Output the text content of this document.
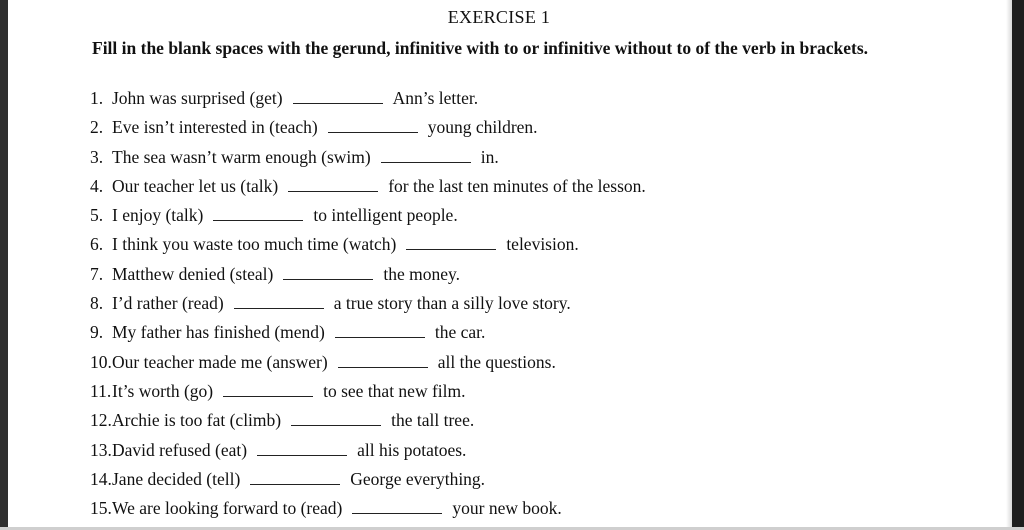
EXERCISE 1
Fill in the blank spaces with the gerund, infinitive with to or infinitive without to of the verb in brackets.
1. John was surprised (get)	Ann’s letter.
2. Eve isn’t interested in (teach)	young children.
3. The sea wasn’t warm enough (swim)	in.
4. Our teacher let us (talk)	for the last ten minutes of the lesson.
5. I enjoy (talk)	to intelligent people.
6. I think you waste too much time (watch)	television.
7. Matthew denied (steal)	the money.
8. I’d rather (read)	a true story than a silly love story.
9. My father has finished (mend)	the car.
10. Our teacher made me (answer)	all the questions.
11. It’s worth (go)	to see that new film.
12. Archie is too fat (climb)	the tall tree.
13. David refused (eat)	all his potatoes.
14. Jane decided (tell)	George everything.
15. We are looking forward to (read)	your new book.
